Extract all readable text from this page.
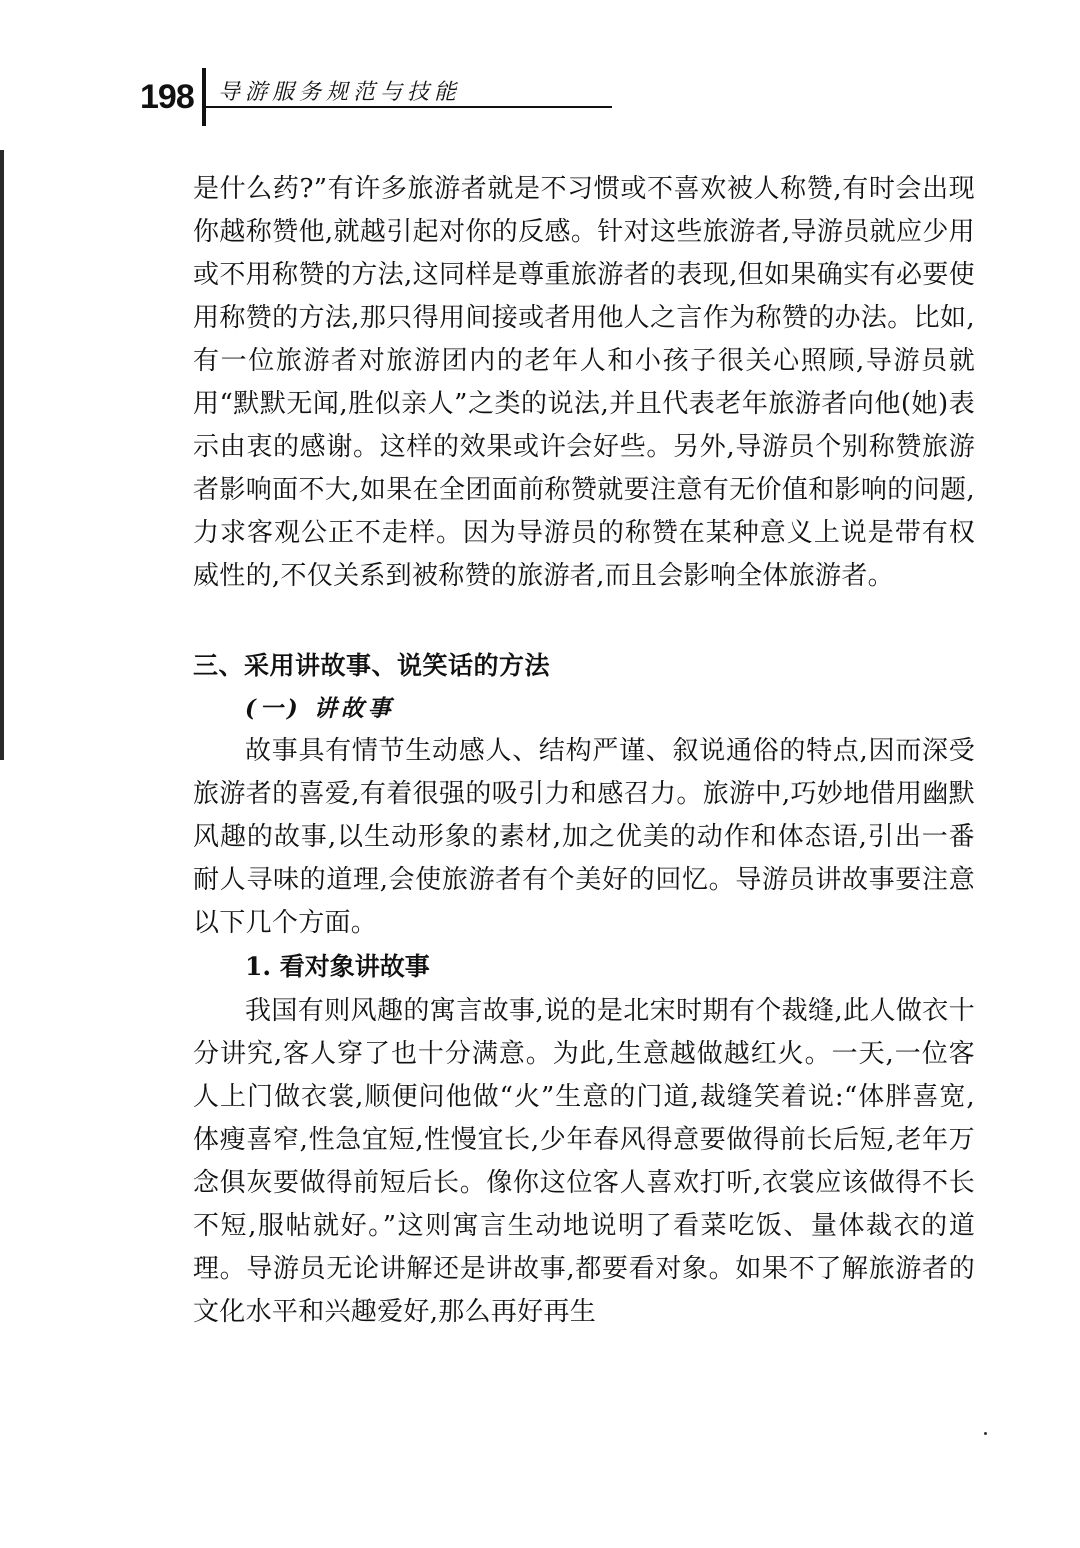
198 导游服务规范与技能

是什么药?”有许多旅游者就是不习惯或不喜欢被人称赞,有时会出现你越称赞他,就越引起对你的反感。针对这些旅游者,导游员就应少用或不用称赞的方法,这同样是尊重旅游者的表现,但如果确实有必要使用称赞的方法,那只得用间接或者用他人之言作为称赞的办法。比如,有一位旅游者对旅游团内的老年人和小孩子很关心照顾,导游员就用“默默无闻,胜似亲人”之类的说法,并且代表老年旅游者向他(她)表示由衷的感谢。这样的效果或许会好些。另外,导游员个别称赞旅游者影响面不大,如果在全团面前称赞就要注意有无价值和影响的问题,力求客观公正不走样。因为导游员的称赞在某种意义上说是带有权威性的,不仅关系到被称赞的旅游者,而且会影响全体旅游者。

三、采用讲故事、说笑话的方法
(一) 讲故事

故事具有情节生动感人、结构严谨、叙说通俗的特点,因而深受旅游者的喜爱,有着很强的吸引力和感召力。旅游中,巧妙地借用幽默风趣的故事,以生动形象的素材,加之优美的动作和体态语,引出一番耐人寻味的道理,会使旅游者有个美好的回忆。导游员讲故事要注意以下几个方面。

1. 看对象讲故事

我国有则风趣的寓言故事,说的是北宋时期有个裁缝,此人做衣十分讲究,客人穿了也十分满意。为此,生意越做越红火。一天,一位客人上门做衣裳,顺便问他做“火”生意的门道,裁缝笑着说:“体胖喜宽,体瘦喜窄,性急宜短,性慢宜长,少年春风得意要做得前长后短,老年万念俱灰要做得前短后长。像你这位客人喜欢打听,衣裳应该做得不长不短,服帖就好。”这则寓言生动地说明了看菜吃饭、量体裁衣的道理。导游员无论讲解还是讲故事,都要看对象。如果不了解旅游者的文化水平和兴趣爱好,那么再好再生
